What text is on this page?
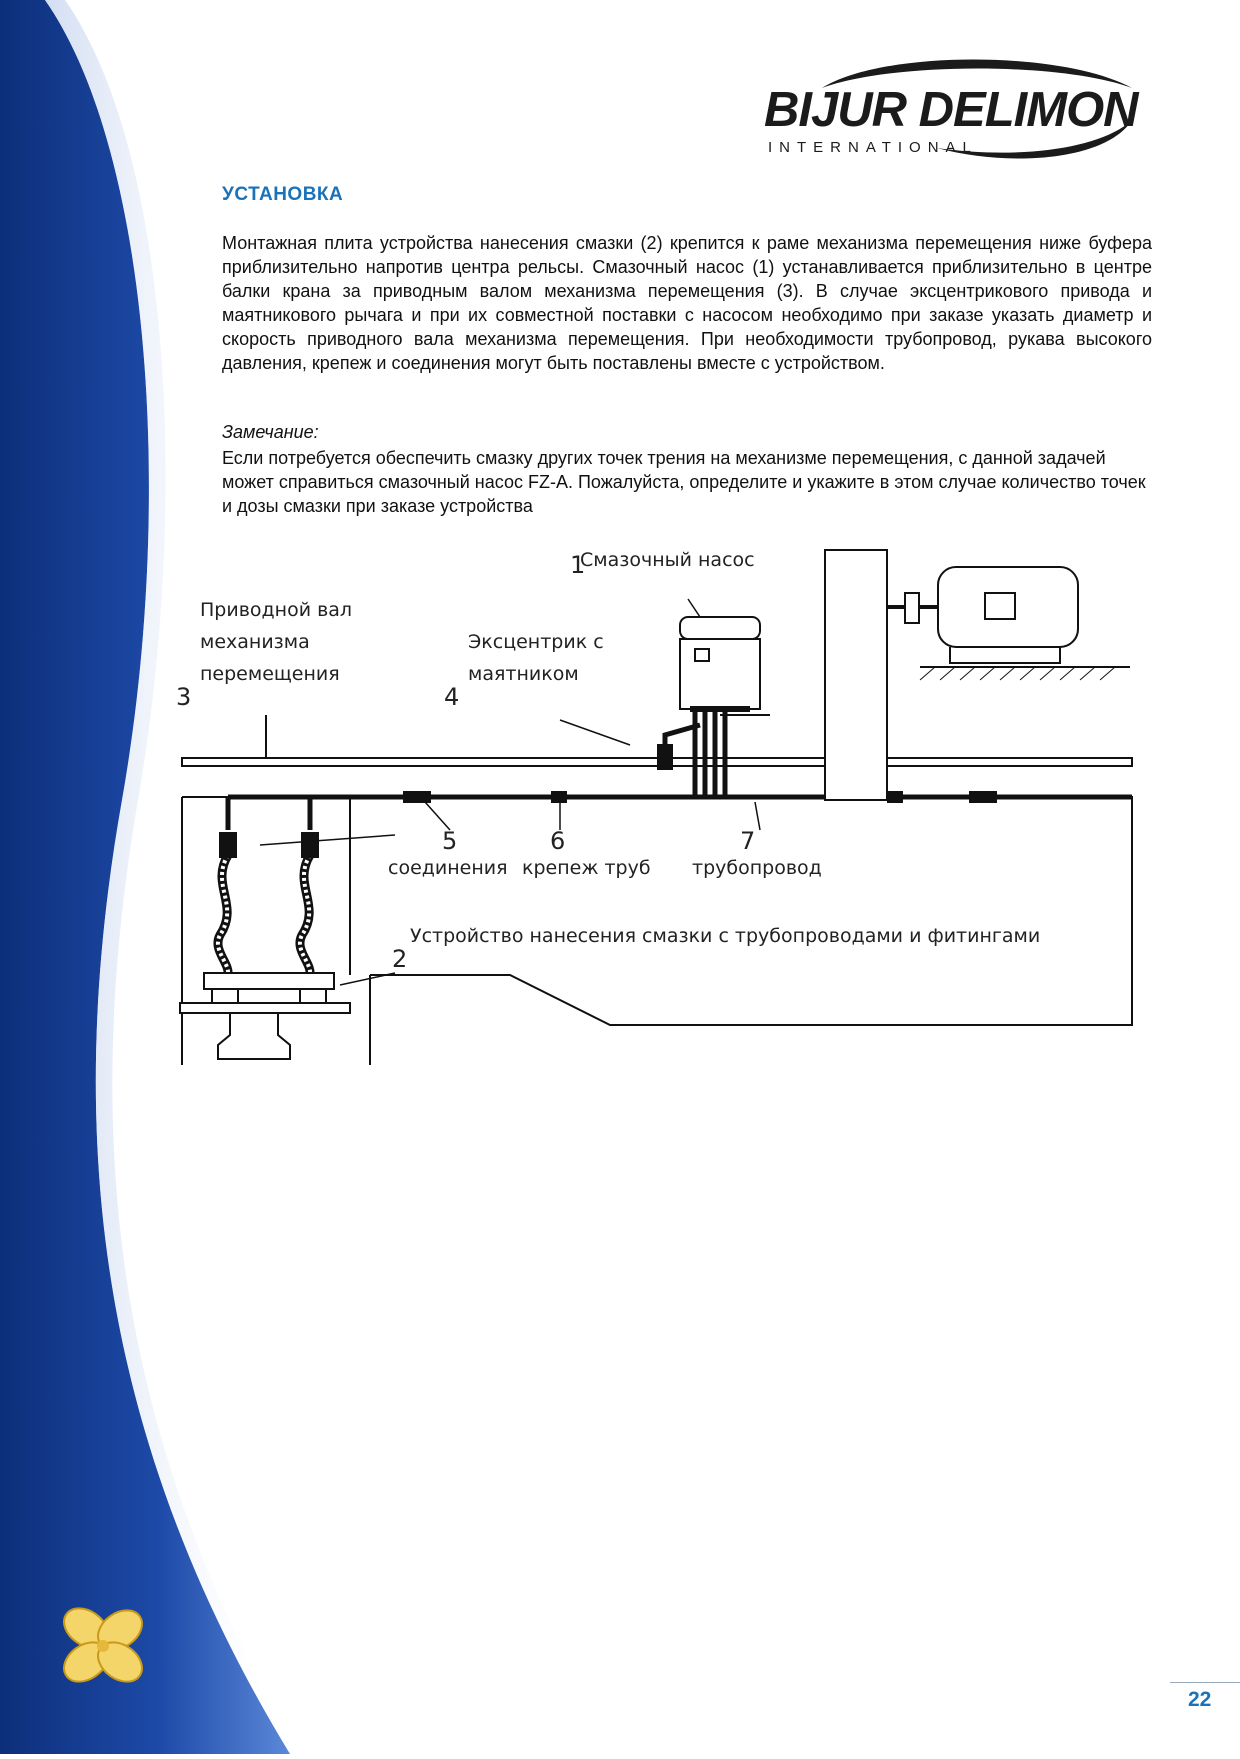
BIJUR DELIMON
INTERNATIONAL
УСТАНОВКА

Монтажная плита устройства нанесения смазки (2) крепится к раме механизма перемещения ниже буфера приблизительно напротив центра рельсы. Смазочный насос (1) устанавливается приблизительно в центре балки крана за приводным валом механизма перемещения (3). В случае эксцентрикового привода и маятникового рычага и при их совместной поставки с насосом необходимо при заказе указать диаметр и скорость приводного вала механизма перемещения. При необходимости трубопровод, рукава высокого давления, крепеж и соединения могут быть поставлены вместе с устройством.

Замечание:

Если потребуется обеспечить смазку других точек трения на механизме перемещения, с данной задачей может справиться смазочный насос FZ-A. Пожалуйста, определите и укажите в этом случае количество точек и дозы смазки при заказе устройства

1
Смазочный насос
Приводной вал
механизма
перемещения
3
Эксцентрик с
маятником
4
5
соединения
6
крепеж труб
7
трубопровод
2
Устройство нанесения смазки с трубопроводами и фитингами
22
